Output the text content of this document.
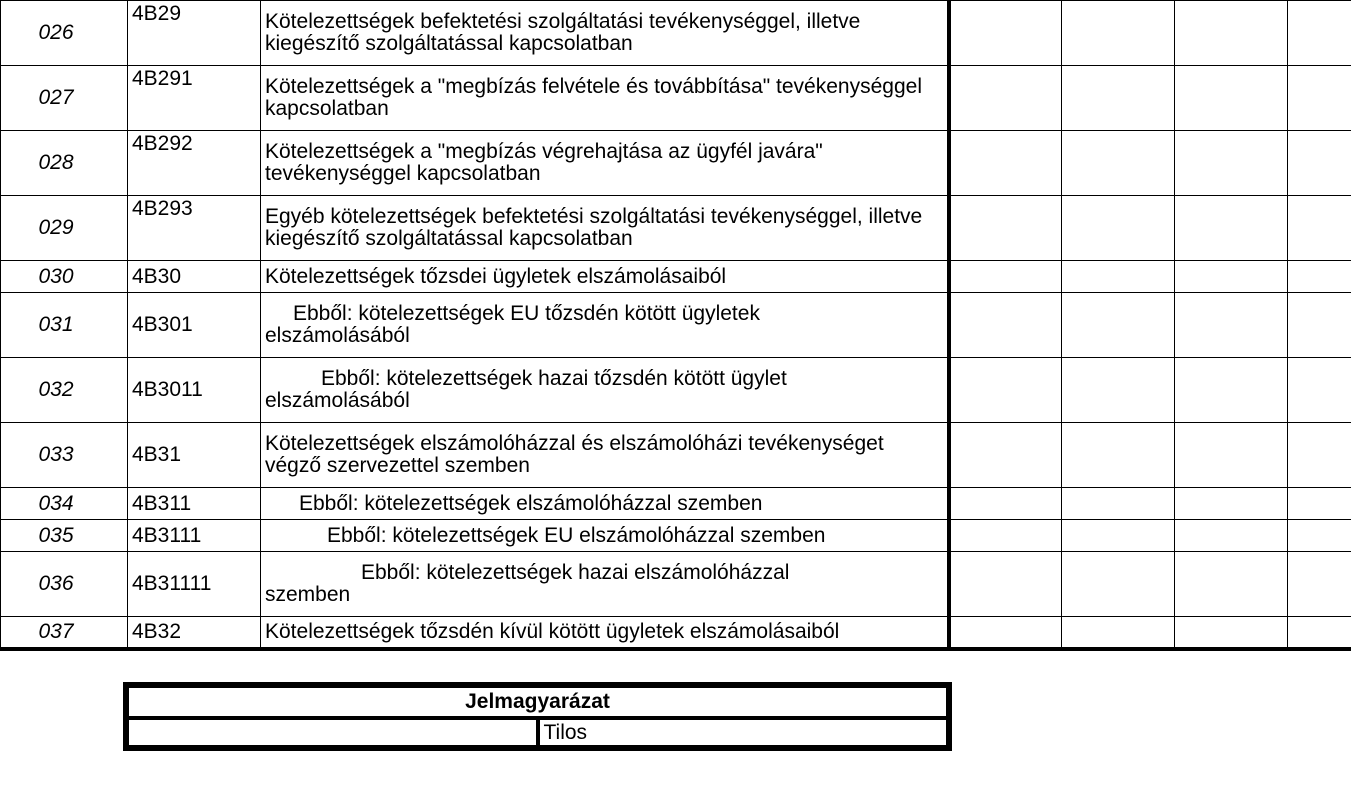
026	4B29	Kötelezettségek befektetési szolgáltatási tevékenységgel, illetve kiegészítő szolgáltatással kapcsolatban				
027	4B291	Kötelezettségek a "megbízás felvétele és továbbítása" tevékenységgel kapcsolatban				
028	4B292	Kötelezettségek a "megbízás végrehajtása az ügyfél javára" tevékenységgel kapcsolatban				
029	4B293	Egyéb kötelezettségek befektetési szolgáltatási tevékenységgel, illetve kiegészítő szolgáltatással kapcsolatban				
030	4B30	Kötelezettségek tőzsdei ügyletek elszámolásaiból				
031	4B301	Ebből: kötelezettségek EU tőzsdén kötött ügyletek
elszámolásából				

032	4B3011	Ebből: kötelezettségek hazai tőzsdén kötött ügylet
elszámolásából				

033	4B31	Kötelezettségek elszámolóházzal és elszámolóházi tevékenységet végző szervezettel szemben				
034	4B311	Ebből: kötelezettségek elszámolóházzal szemben				

035	4B3111	Ebből: kötelezettségek EU elszámolóházzal szemben				

036	4B31111	Ebből: kötelezettségek hazai elszámolóházzal
szemben				

037	4B32	Kötelezettségek tőzsdén kívül kötött ügyletek elszámolásaiból				
Jelmagyarázat
	Tilos
